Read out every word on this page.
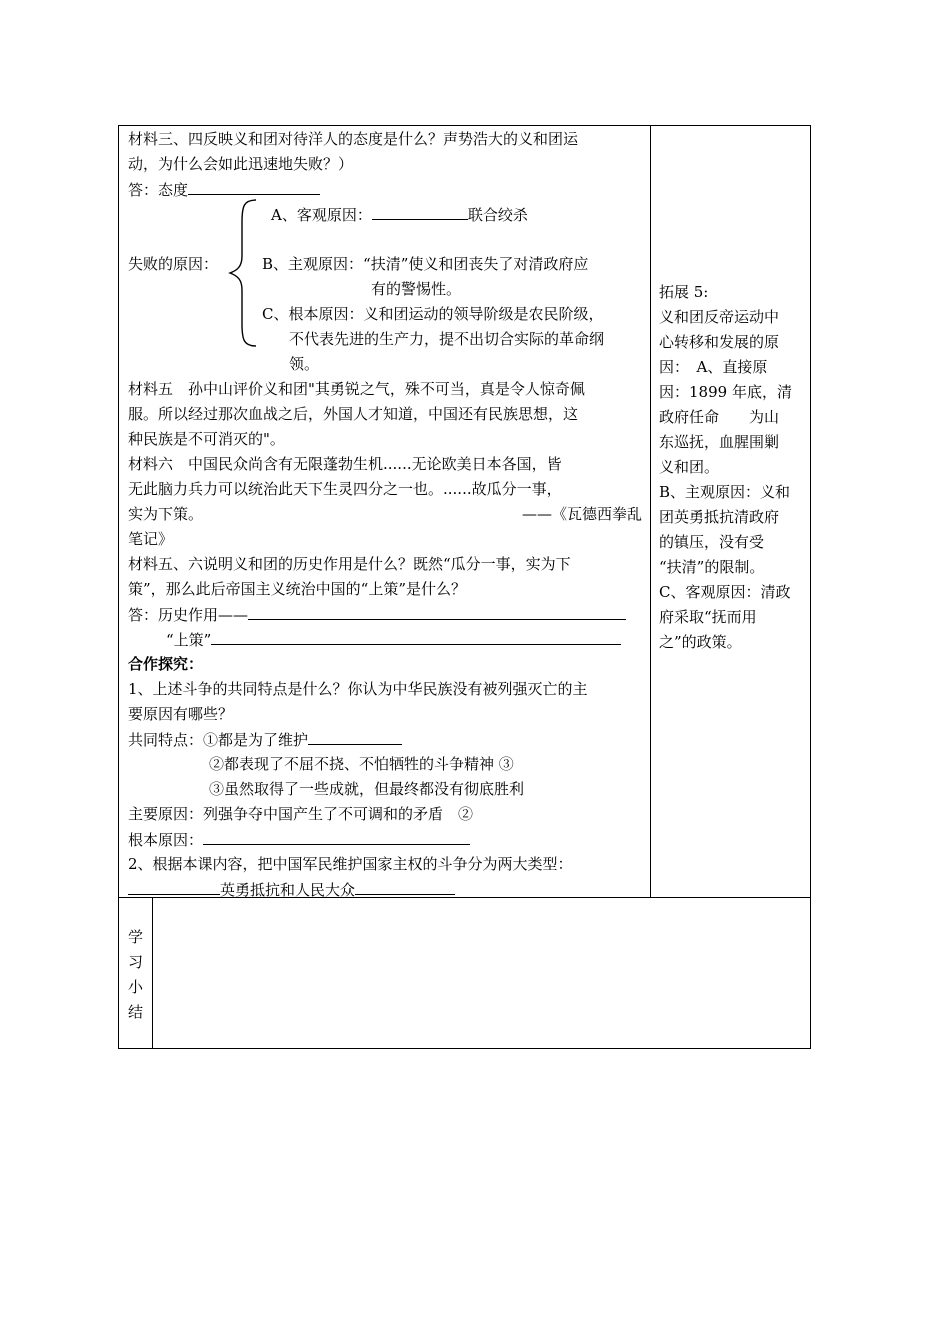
材料三、四反映义和团对待洋人的态度是什么？声势浩大的义和团运
动，为什么会如此迅速地失败？）
答：态度
失败的原因：
A、客观原因：	联合绞杀
B、主观原因：“扶清”使义和团丧失了对清政府应
有的警惕性。
C、根本原因：义和团运动的领导阶级是农民阶级，
不代表先进的生产力，提不出切合实际的革命纲
领。
材料五　孙中山评价义和团"其勇锐之气，殊不可当，真是令人惊奇佩
服。所以经过那次血战之后，外国人才知道，中国还有民族思想，这
种民族是不可消灭的"。
材料六　中国民众尚含有无限蓬勃生机......无论欧美日本各国，皆
无此脑力兵力可以统治此天下生灵四分之一也。......故瓜分一事，
实为下策。	——《瓦德西拳乱
笔记》
材料五、六说明义和团的历史作用是什么？既然“瓜分一事，实为下
策”，那么此后帝国主义统治中国的“上策”是什么？
答：历史作用——
“上策”
合作探究：
1、上述斗争的共同特点是什么？你认为中华民族没有被列强灭亡的主
要原因有哪些？
共同特点：①都是为了维护
②都表现了不屈不挠、不怕牺牲的斗争精神 ③
③虽然取得了一些成就，但最终都没有彻底胜利
主要原因：列强争夺中国产生了不可调和的矛盾　②
根本原因：
2、根据本课内容，把中国军民维护国家主权的斗争分为两大类型：
英勇抵抗和人民大众
拓展 5:
义和团反帝运动中
心转移和发展的原
因：　A、直接原
因：1899 年底，清
政府任命　　为山
东巡抚，血腥围剿
义和团。
B、主观原因：义和
团英勇抵抗清政府
的镇压，没有受
“扶清”的限制。
C、客观原因：清政
府采取“抚而用
之”的政策。
学
习
小
结
